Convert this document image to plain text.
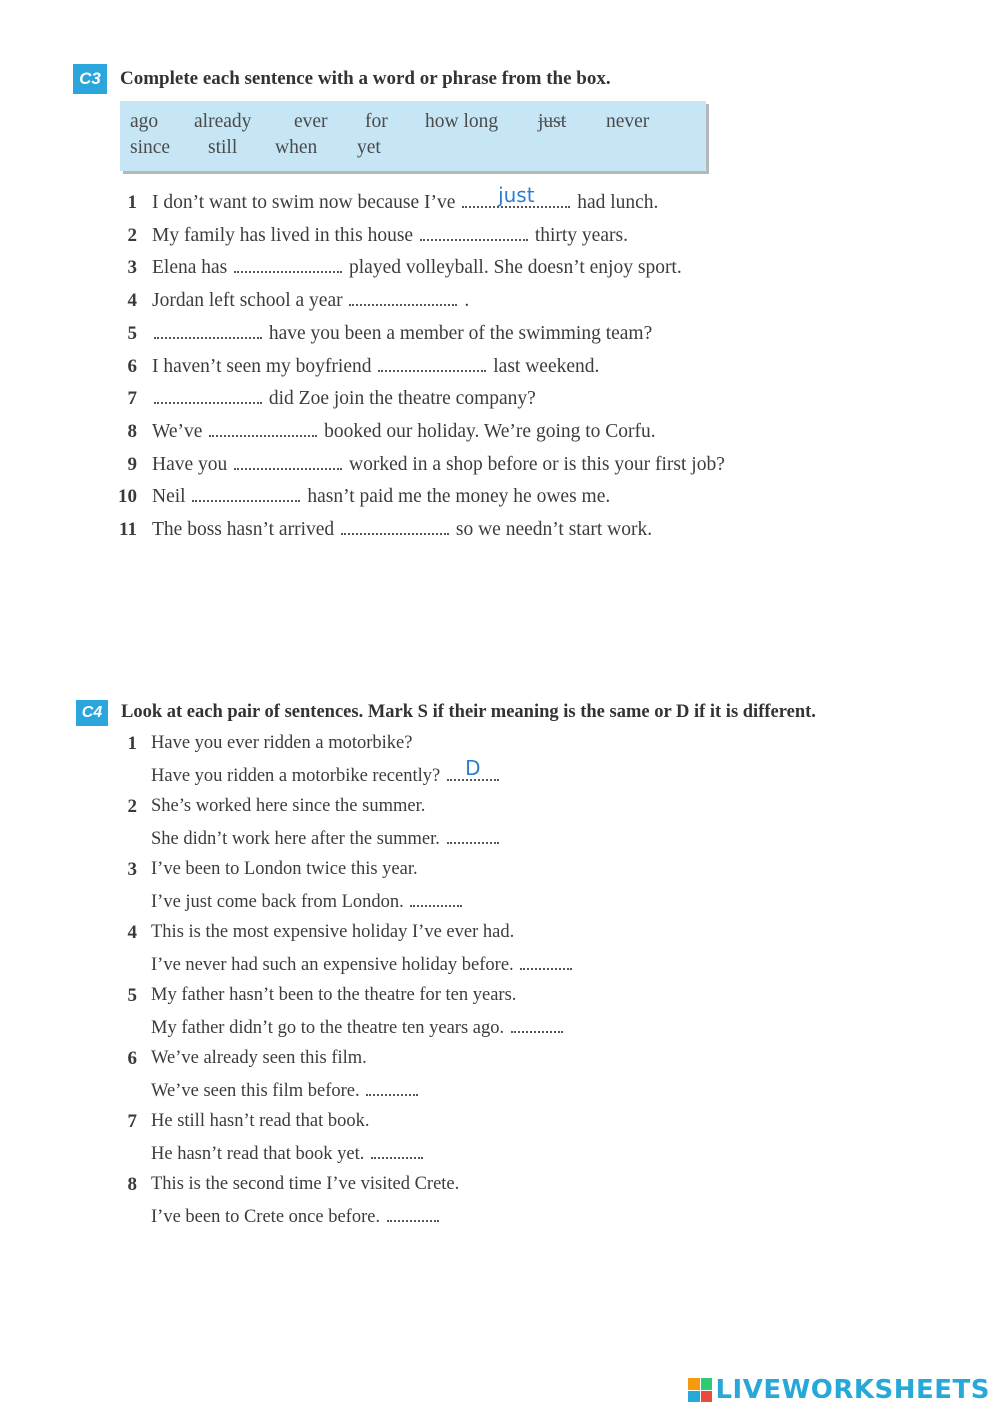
C3	Complete each sentence with a word or phrase from the box.
ago already ever for how long just never
since still when yet
1 I don’t want to swim now because I’ve just had lunch.
2 My family has lived in this house	thirty years.
3 Elena has	played volleyball. She doesn’t enjoy sport.
4 Jordan left school a year	.
5	have you been a member of the swimming team?
6 I haven’t seen my boyfriend	last weekend.
7	did Zoe join the theatre company?
8 We’ve	booked our holiday. We’re going to Corfu.
9 Have you	worked in a shop before or is this your first job?
10 Neil	hasn’t paid me the money he owes me.
11 The boss hasn’t arrived	so we needn’t start work.
C4	Look at each pair of sentences. Mark S if their meaning is the same or D if it is different.
1 Have you ever ridden a motorbike?
Have you ridden a motorbike recently? D
2 She’s worked here since the summer.
She didn’t work here after the summer.
3 I’ve been to London twice this year.
I’ve just come back from London.
4 This is the most expensive holiday I’ve ever had.
I’ve never had such an expensive holiday before.
5 My father hasn’t been to the theatre for ten years.
My father didn’t go to the theatre ten years ago.
6 We’ve already seen this film.
We’ve seen this film before.
7 He still hasn’t read that book.
He hasn’t read that book yet.
8 This is the second time I’ve visited Crete.
I’ve been to Crete once before.
LIVEWORKSHEETS
